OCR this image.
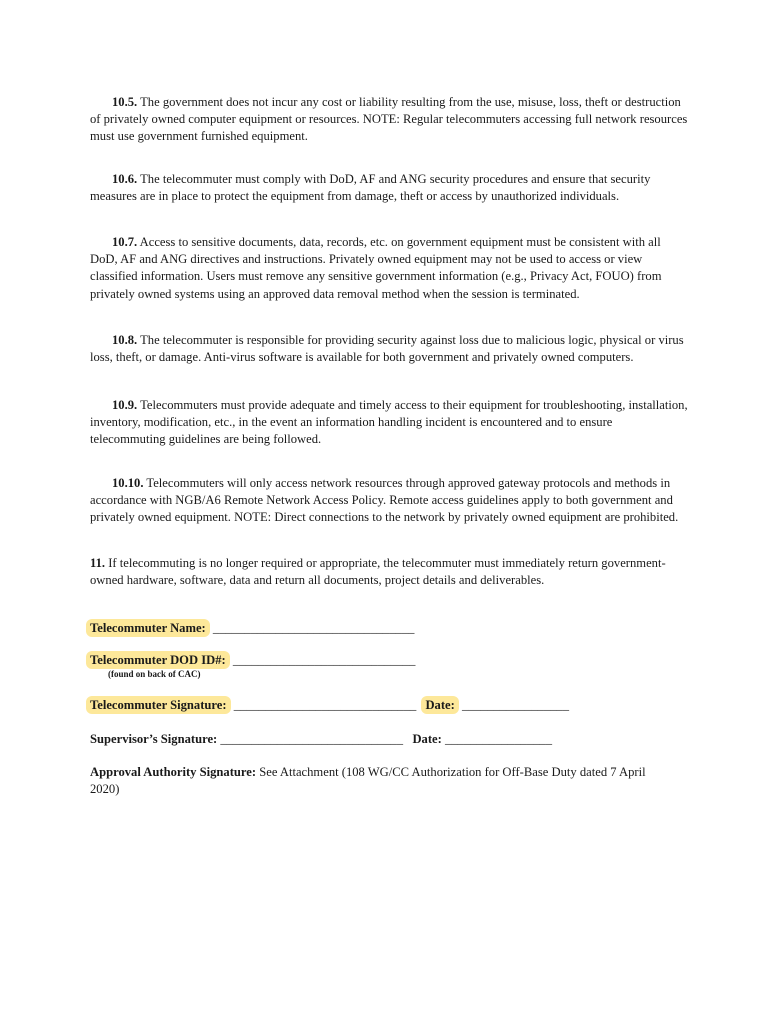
10.5. The government does not incur any cost or liability resulting from the use, misuse, loss, theft or destruction of privately owned computer equipment or resources. NOTE: Regular telecommuters accessing full network resources must use government furnished equipment.

10.6. The telecommuter must comply with DoD, AF and ANG security procedures and ensure that security measures are in place to protect the equipment from damage, theft or access by unauthorized individuals.

10.7. Access to sensitive documents, data, records, etc. on government equipment must be consistent with all DoD, AF and ANG directives and instructions. Privately owned equipment may not be used to access or view classified information. Users must remove any sensitive government information (e.g., Privacy Act, FOUO) from privately owned systems using an approved data removal method when the session is terminated.

10.8. The telecommuter is responsible for providing security against loss due to malicious logic, physical or virus loss, theft, or damage. Anti-virus software is available for both government and privately owned computers.

10.9. Telecommuters must provide adequate and timely access to their equipment for troubleshooting, installation, inventory, modification, etc., in the event an information handling incident is encountered and to ensure telecommuting guidelines are being followed.

10.10. Telecommuters will only access network resources through approved gateway protocols and methods in accordance with NGB/A6 Remote Network Access Policy. Remote access guidelines apply to both government and privately owned equipment. NOTE: Direct connections to the network by privately owned equipment are prohibited.

11. If telecommuting is no longer required or appropriate, the telecommuter must immediately return government-owned hardware, software, data and return all documents, project details and deliverables.

Telecommuter Name: ________________________________
Telecommuter DOD ID#: _____________________________
(found on back of CAC)
Telecommuter Signature: _____________________________ Date: _________________
Supervisor’s Signature: _____________________________   Date: _________________

Approval Authority Signature: See Attachment (108 WG/CC Authorization for Off-Base Duty dated 7 April 2020)
